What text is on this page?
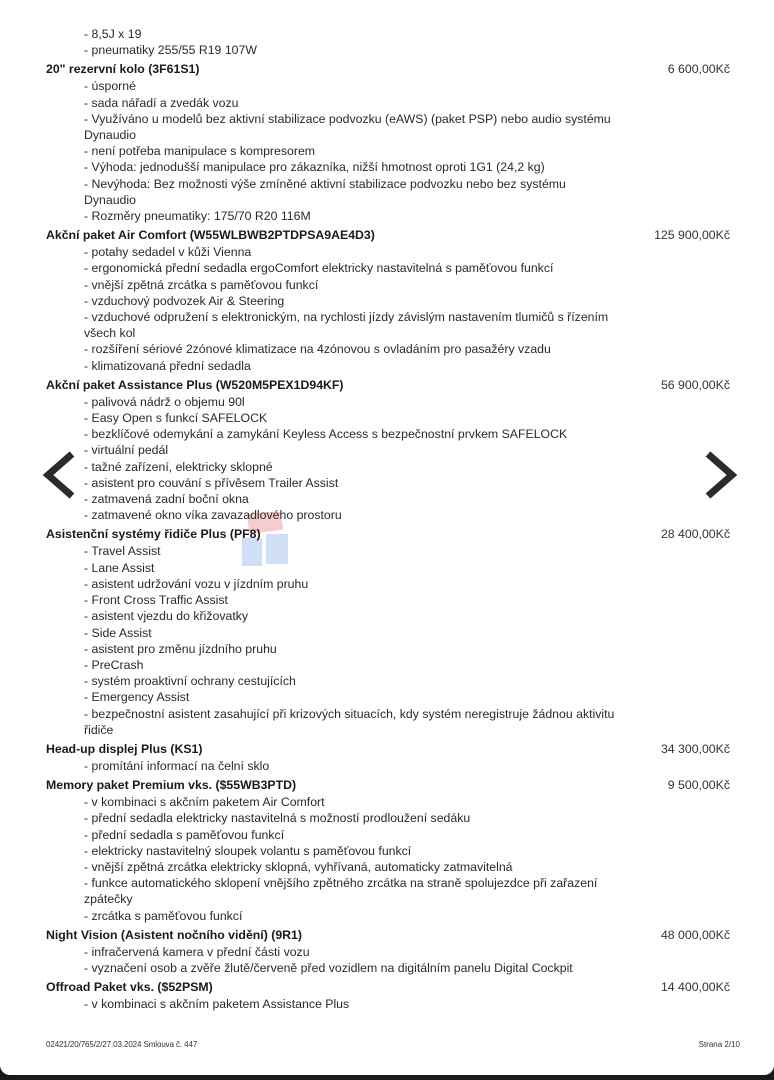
- 8,5J x 19
- pneumatiky 255/55 R19 107W
20" rezervní kolo (3F61S1)	6 600,00Kč
- úsporné
- sada nářadí a zvedák vozu
- Využíváno u modelů bez aktivní stabilizace podvozku (eAWS) (paket PSP) nebo audio systému Dynaudio
- není potřeba manipulace s kompresorem
- Výhoda: jednodušší manipulace pro zákazníka, nižší hmotnost oproti 1G1 (24,2 kg)
- Nevýhoda: Bez možnosti výše zmíněné aktivní stabilizace podvozku nebo bez systému Dynaudio
- Rozměry pneumatiky: 175/70 R20 116M
Akční paket Air Comfort (W55WLBWB2PTDPSA9AE4D3)	125 900,00Kč
- potahy sedadel v kůži Vienna
- ergonomická přední sedadla ergoComfort elektricky nastavitelná s paměťovou funkcí
- vnější zpětná zrcátka s paměťovou funkcí
- vzduchový podvozek Air & Steering
- vzduchové odpružení s elektronickým, na rychlosti jízdy závislým nastavením tlumičů s řízením všech kol
- rozšíření sériové 2zónové klimatizace na 4zónovou s ovladáním pro pasažéry vzadu
- klimatizovaná přední sedadla
Akční paket Assistance Plus (W520M5PEX1D94KF)	56 900,00Kč
- palivová nádrž o objemu 90l
- Easy Open s funkcí SAFELOCK
- bezklíčové odemykání a zamykání Keyless Access s bezpečnostní prvkem SAFELOCK
- virtuální pedál
- tažné zařízení, elektricky sklopné
- asistent pro couvání s přívěsem Trailer Assist
- zatmavená zadní boční okna
- zatmavené okno víka zavazadlového prostoru
Asistenční systémy řidiče Plus (PF8)	28 400,00Kč
- Travel Assist
- Lane Assist
- asistent udržování vozu v jízdním pruhu
- Front Cross Traffic Assist
- asistent vjezdu do křižovatky
- Side Assist
- asistent pro změnu jízdního pruhu
- PreCrash
- systém proaktivní ochrany cestujících
- Emergency Assist
- bezpečnostní asistent zasahující při krizových situacích, kdy systém neregistruje žádnou aktivitu řidiče
Head-up displej Plus (KS1)	34 300,00Kč
- promítání informací na čelní sklo
Memory paket Premium vks. ($55WB3PTD)	9 500,00Kč
- v kombinaci s akčním paketem Air Comfort
- přední sedadla elektricky nastavitelná s možností prodloužení sedáku
- přední sedadla s paměťovou funkcí
- elektricky nastavitelný sloupek volantu s paměťovou funkcí
- vnější zpětná zrcátka elektricky sklopná, vyhřívaná, automaticky zatmavitelná
- funkce automatického sklopení vnějšího zpětného zrcátka na straně spolujezdce při zařazení zpátečky
- zrcátka s paměťovou funkcí
Night Vision (Asistent nočního vidění) (9R1)	48 000,00Kč
- infračervená kamera v přední části vozu
- vyznačení osob a zvěře žlutě/červeně před vozidlem na digitálním panelu Digital Cockpit
Offroad Paket vks. ($52PSM)	14 400,00Kč
- v kombinaci s akčním paketem Assistance Plus
02421/20/765/2/27.03.2024 Smlouva č. 447	Strana 2/10
